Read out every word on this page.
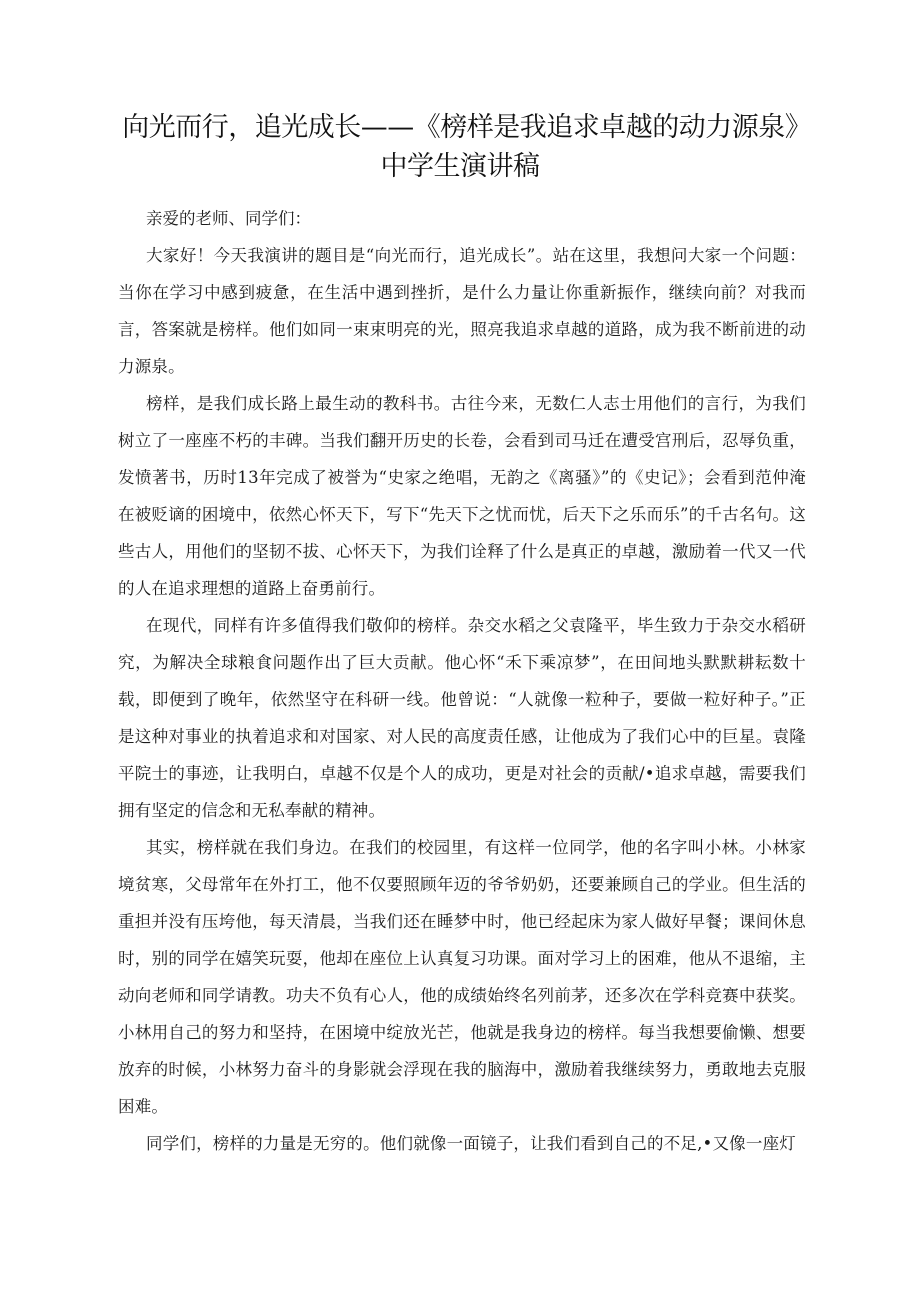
向光而行，追光成长——《榜样是我追求卓越的动力源泉》中学生演讲稿

亲爱的老师、同学们：

大家好！今天我演讲的题目是“向光而行，追光成长”。站在这里，我想问大家一个问题：当你在学习中感到疲惫，在生活中遇到挫折，是什么力量让你重新振作，继续向前？对我而言，答案就是榜样。他们如同一束束明亮的光，照亮我追求卓越的道路，成为我不断前进的动力源泉。

榜样，是我们成长路上最生动的教科书。古往今来，无数仁人志士用他们的言行，为我们树立了一座座不朽的丰碑。当我们翻开历史的长卷，会看到司马迁在遭受宫刑后，忍辱负重，发愤著书，历时13年完成了被誉为“史家之绝唱，无韵之《离骚》”的《史记》；会看到范仲淹在被贬谪的困境中，依然心怀天下，写下“先天下之忧而忧，后天下之乐而乐”的千古名句。这些古人，用他们的坚韧不拔、心怀天下，为我们诠释了什么是真正的卓越，激励着一代又一代的人在追求理想的道路上奋勇前行。

在现代，同样有许多值得我们敬仰的榜样。杂交水稻之父袁隆平，毕生致力于杂交水稻研究，为解决全球粮食问题作出了巨大贡献。他心怀“禾下乘凉梦”，在田间地头默默耕耘数十载，即便到了晚年，依然坚守在科研一线。他曾说：“人就像一粒种子，要做一粒好种子。”正是这种对事业的执着追求和对国家、对人民的高度责任感，让他成为了我们心中的巨星。袁隆平院士的事迹，让我明白，卓越不仅是个人的成功，更是对社会的贡献/•追求卓越，需要我们拥有坚定的信念和无私奉献的精神。

其实，榜样就在我们身边。在我们的校园里，有这样一位同学，他的名字叫小林。小林家境贫寒，父母常年在外打工，他不仅要照顾年迈的爷爷奶奶，还要兼顾自己的学业。但生活的重担并没有压垮他，每天清晨，当我们还在睡梦中时，他已经起床为家人做好早餐；课间休息时，别的同学在嬉笑玩耍，他却在座位上认真复习功课。面对学习上的困难，他从不退缩，主动向老师和同学请教。功夫不负有心人，他的成绩始终名列前茅，还多次在学科竞赛中获奖。小林用自己的努力和坚持，在困境中绽放光芒，他就是我身边的榜样。每当我想要偷懒、想要放弃的时候，小林努力奋斗的身影就会浮现在我的脑海中，激励着我继续努力，勇敢地去克服困难。

同学们，榜样的力量是无穷的。他们就像一面镜子，让我们看到自己的不足,•又像一座灯
